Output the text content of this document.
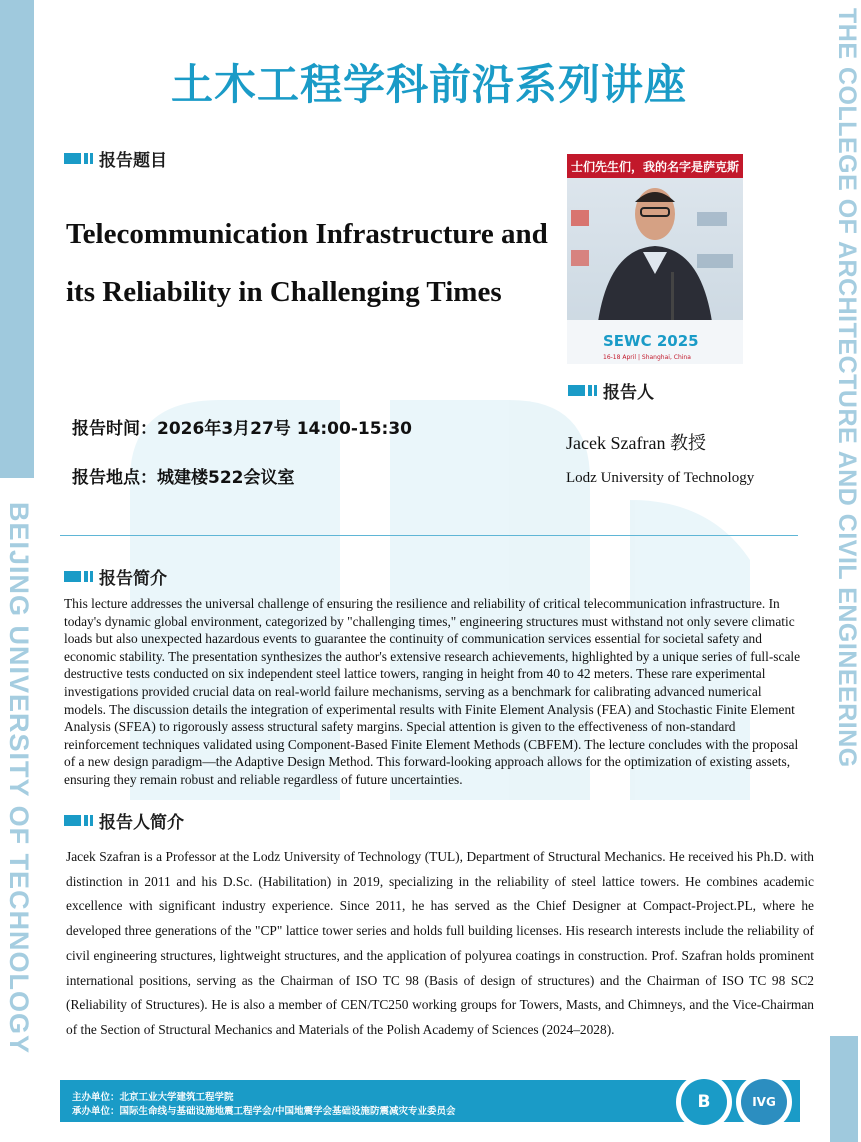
BEIJING UNIVERSITY OF TECHNOLOGY
THE COLLEGE OF ARCHITECTURE AND CIVIL ENGINEERING
土木工程学科前沿系列讲座
报告题目
Telecommunication Infrastructure and its Reliability in Challenging Times
报告时间：2026年3月27号 14:00-15:30
报告地点：城建楼522会议室
士们先生们，我的名字是萨克斯
SEWC 2025
16-18 April | Shanghai, China
报告人
Jacek Szafran 教授
Lodz University of Technology
报告简介

This lecture addresses the universal challenge of ensuring the resilience and reliability of critical telecommunication infrastructure. In today's dynamic global environment, categorized by "challenging times," engineering structures must withstand not only severe climatic loads but also unexpected hazardous events to guarantee the continuity of communication services essential for societal safety and economic stability. The presentation synthesizes the author's extensive research achievements, highlighted by a unique series of full-scale destructive tests conducted on six independent steel lattice towers, ranging in height from 40 to 42 meters. These rare experimental investigations provided crucial data on real-world failure mechanisms, serving as a benchmark for calibrating advanced numerical models. The discussion details the integration of experimental results with Finite Element Analysis (FEA) and Stochastic Finite Element Analysis (SFEA) to rigorously assess structural safety margins. Special attention is given to the effectiveness of non-standard reinforcement techniques validated using Component-Based Finite Element Methods (CBFEM). The lecture concludes with the proposal of a new design paradigm—the Adaptive Design Method. This forward-looking approach allows for the optimization of existing assets, ensuring they remain robust and reliable regardless of future uncertainties.

报告人简介

Jacek Szafran is a Professor at the Lodz University of Technology (TUL), Department of Structural Mechanics. He received his Ph.D. with distinction in 2011 and his D.Sc. (Habilitation) in 2019, specializing in the reliability of steel lattice towers. He combines academic excellence with significant industry experience. Since 2011, he has served as the Chief Designer at Compact-Project.PL, where he developed three generations of the "CP" lattice tower series and holds full building licenses. His research interests include the reliability of civil engineering structures, lightweight structures, and the application of polyurea coatings in construction. Prof. Szafran holds prominent international positions, serving as the Chairman of ISO TC 98 (Basis of design of structures) and the Chairman of ISO TC 98 SC2 (Reliability of Structures). He is also a member of CEN/TC250 working groups for Towers, Masts, and Chimneys, and the Vice-Chairman of the Section of Structural Mechanics and Materials of the Polish Academy of Sciences (2024–2028).

主办单位：北京工业大学建筑工程学院
承办单位：国际生命线与基础设施地震工程学会/中国地震学会基础设施防震减灾专业委员会	B	IVG
